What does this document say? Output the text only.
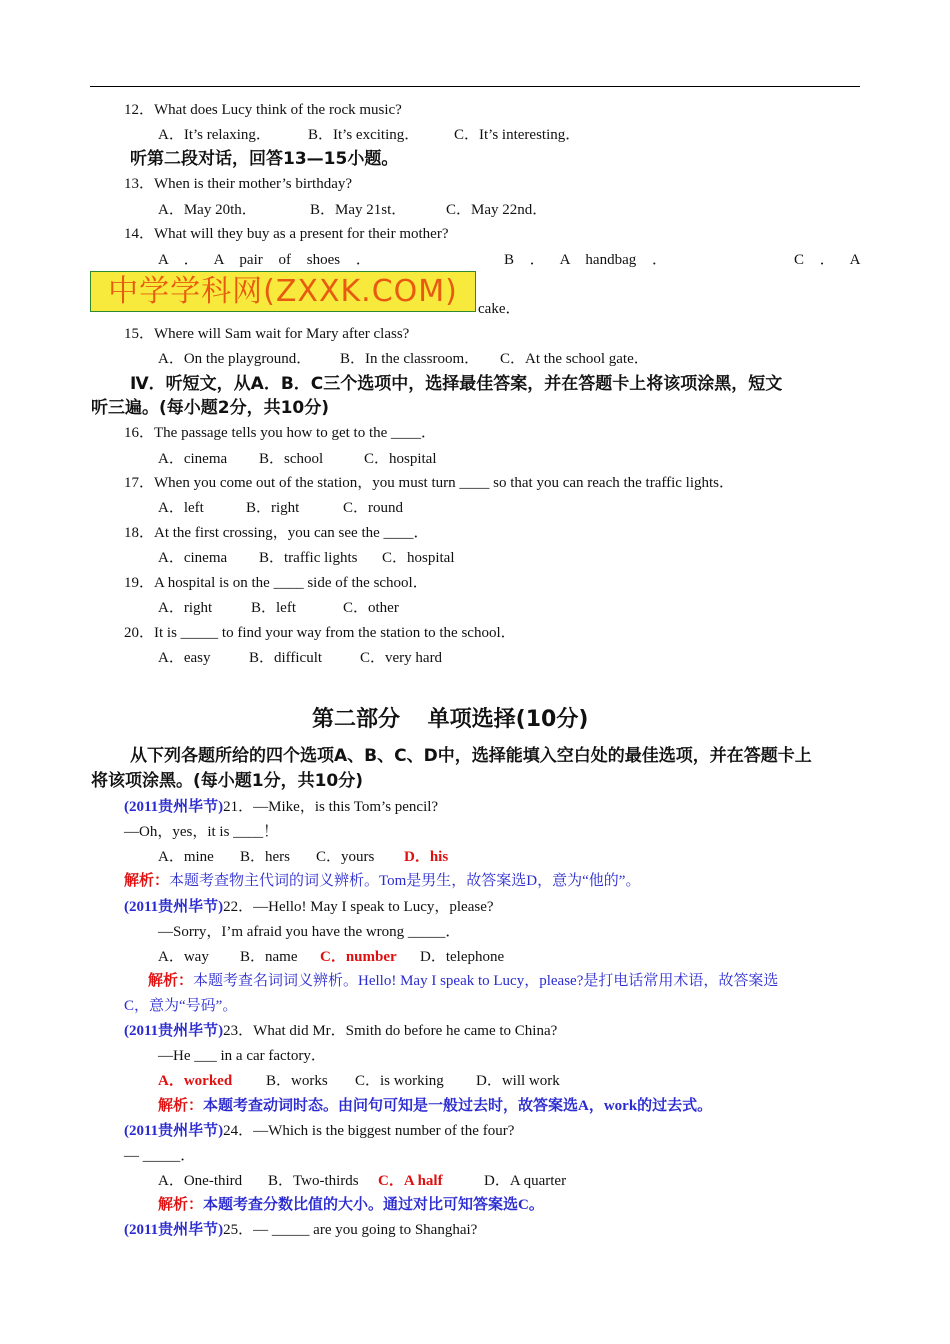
12．What does Lucy think of the rock music?
A．It’s relaxing． B．It’s exciting． C．It’s interesting．
听第二段对话，回答13—15小题。
13．When is their mother’s birthday?
A．May 20th．	B．May 21st．	C．May 22nd．
14．What will they buy as a present for their mother?
A ． A pair of shoes ．	B ． A handbag ．	C ． A
中学学科网(ZXXK.COM)	cake．
15．Where will Sam wait for Mary after class?
A．On the playground． B．In the classroom． C．At the school gate．
Ⅳ．听短文，从A．B．C三个选项中，选择最佳答案，并在答题卡上将该项涂黑，短文
听三遍。(每小题2分，共10分)
16．The passage tells you how to get to the ____．
A．cinema B．school	C．hospital
17．When you come out of the station，you must turn ____ so that you can reach the traffic lights．
A．left	B．right	C．round
18．At the first crossing，you can see the ____．
A．cinema B．traffic lights C．hospital
19．A hospital is on the ____ side of the school．
A．right	B．left	C．other
20．It is _____ to find your way from the station to the school．
A．easy	B．difficult	C．very hard
第二部分 单项选择(10分)
从下列各题所给的四个选项A、B、C、D中，选择能填入空白处的最佳选项，并在答题卡上
将该项涂黑。(每小题1分，共10分)
(2011贵州毕节)21．—Mike，is this Tom’s pencil?
—Oh，yes，it is ____！
A．mine B．hers C．yours D．his
解析：本题考查物主代词的词义辨析。Tom是男生，故答案选D，意为“他的”。
(2011贵州毕节)22．—Hello! May I speak to Lucy，please?
—Sorry，I’m afraid you have the wrong _____．
A．way B．name C．number D．telephone
解析：本题考查名词词义辨析。Hello! May I speak to Lucy，please?是打电话常用术语，故答案选
C，意为“号码”。
(2011贵州毕节)23．What did Mr．Smith do before he came to China?
—He ___ in a car factory．
A．worked B．works C．is working D．will work
解析：本题考查动词时态。由问句可知是一般过去时，故答案选A，work的过去式。
(2011贵州毕节)24．—Which is the biggest number of the four?
— _____．
A．One-third B．Two-thirds C．A half	D．A quarter
解析：本题考查分数比值的大小。通过对比可知答案选C。
(2011贵州毕节)25．— _____ are you going to Shanghai?
